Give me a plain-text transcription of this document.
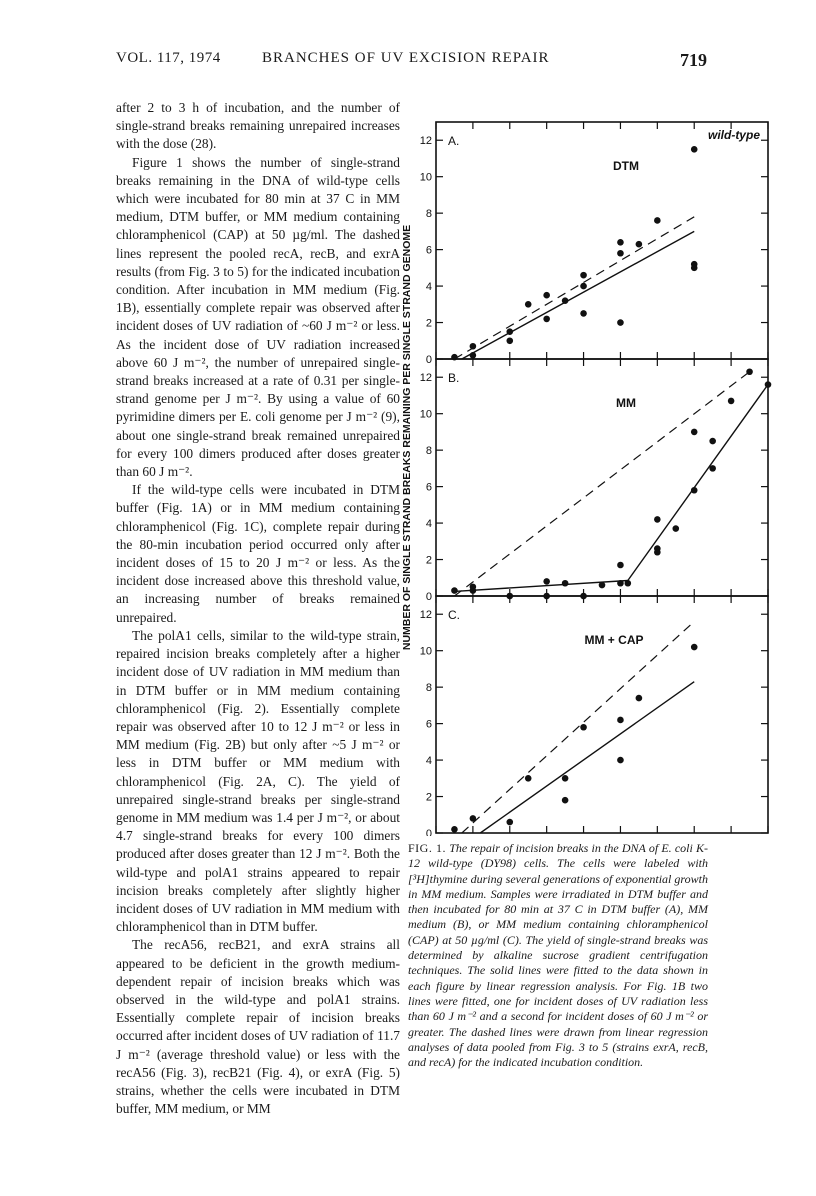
VOL. 117, 1974	BRANCHES OF UV EXCISION REPAIR	719

after 2 to 3 h of incubation, and the number of single-strand breaks remaining unrepaired increases with the dose (28).

Figure 1 shows the number of single-strand breaks remaining in the DNA of wild-type cells which were incubated for 80 min at 37 C in MM medium, DTM buffer, or MM medium containing chloramphenicol (CAP) at 50 µg/ml. The dashed lines represent the pooled recA, recB, and exrA results (from Fig. 3 to 5) for the indicated incubation condition. After incubation in MM medium (Fig. 1B), essentially complete repair was observed after incident doses of UV radiation of ~60 J m⁻² or less. As the incident dose of UV radiation increased above 60 J m⁻², the number of unrepaired single-strand breaks increased at a rate of 0.31 per single-strand genome per J m⁻². By using a value of 60 pyrimidine dimers per E. coli genome per J m⁻² (9), about one single-strand break remained unrepaired for every 100 dimers produced after doses greater than 60 J m⁻².

If the wild-type cells were incubated in DTM buffer (Fig. 1A) or in MM medium containing chloramphenicol (Fig. 1C), complete repair during the 80-min incubation period occurred only after incident doses of 15 to 20 J m⁻² or less. As the incident dose increased above this threshold value, an increasing number of breaks remained unrepaired.

The polA1 cells, similar to the wild-type strain, repaired incision breaks completely after a higher incident dose of UV radiation in MM medium than in DTM buffer or in MM medium containing chloramphenicol (Fig. 2). Essentially complete repair was observed after 10 to 12 J m⁻² or less in MM medium (Fig. 2B) but only after ~5 J m⁻² or less in DTM buffer or MM medium with chloramphenicol (Fig. 2A, C). The yield of unrepaired single-strand breaks per single-strand genome in MM medium was 1.4 per J m⁻², or about 4.7 single-strand breaks for every 100 dimers produced after doses greater than 12 J m⁻². Both the wild-type and polA1 strains appeared to repair incision breaks completely after slightly higher incident doses of UV radiation in MM medium with chloramphenicol than in DTM buffer.

The recA56, recB21, and exrA strains all appeared to be deficient in the growth medium-dependent repair of incision breaks which was observed in the wild-type and polA1 strains. Essentially complete repair of incision breaks occurred after incident doses of UV radiation of 11.7 J m⁻² (average threshold value) or less with the recA56 (Fig. 3), recB21 (Fig. 4), or exrA (Fig. 5) strains, whether the cells were incubated in DTM buffer, MM medium, or MM

0
2
4
6
8
10
12 A.
DTM
wild-type
0
2
4
6
8
10
12 B.
MM
0
2
4
6
8
10
12 C.
MM + CAP
NUMBER OF SINGLE STRAND BREAKS REMAINING PER SINGLE STRAND GENOME
FIG. 1. The repair of incision breaks in the DNA of E. coli K-12 wild-type (DY98) cells. The cells were labeled with [³H]thymine during several generations of exponential growth in MM medium. Samples were irradiated in DTM buffer and then incubated for 80 min at 37 C in DTM buffer (A), MM medium (B), or MM medium containing chloramphenicol (CAP) at 50 µg/ml (C). The yield of single-strand breaks was determined by alkaline sucrose gradient centrifugation techniques. The solid lines were fitted to the data shown in each figure by linear regression analysis. For Fig. 1B two lines were fitted, one for incident doses of UV radiation less than 60 J m⁻² and a second for incident doses of 60 J m⁻² or greater. The dashed lines were drawn from linear regression analyses of data pooled from Fig. 3 to 5 (strains exrA, recB, and recA) for the indicated incubation condition.
